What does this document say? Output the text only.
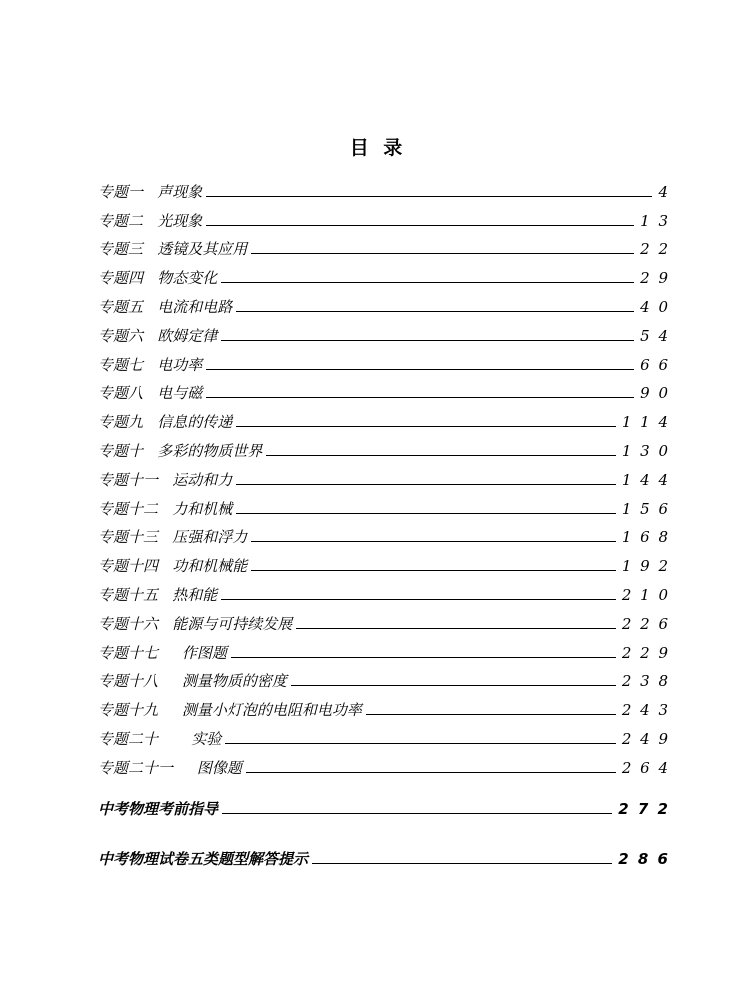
目 录
专题一   声现象	4
专题二   光现象	1 3
专题三   透镜及其应用	2 2
专题四   物态变化	2 9
专题五   电流和电路	4 0
专题六   欧姆定律	5 4
专题七   电功率	6 6
专题八   电与磁	9 0
专题九   信息的传递	1 1 4
专题十   多彩的物质世界	1 3 0
专题十一   运动和力	1 4 4
专题十二   力和机械	1 5 6
专题十三   压强和浮力	1 6 8
专题十四   功和机械能	1 9 2
专题十五   热和能	2 1 0
专题十六   能源与可持续发展	2 2 6
专题十七     作图题	2 2 9
专题十八     测量物质的密度	2 3 8
专题十九     测量小灯泡的电阻和电功率	2 4 3
专题二十       实验	2 4 9
专题二十一     图像题	2 6 4
中考物理考前指导	2 7 2
中考物理试卷五类题型解答提示	2 8 6
